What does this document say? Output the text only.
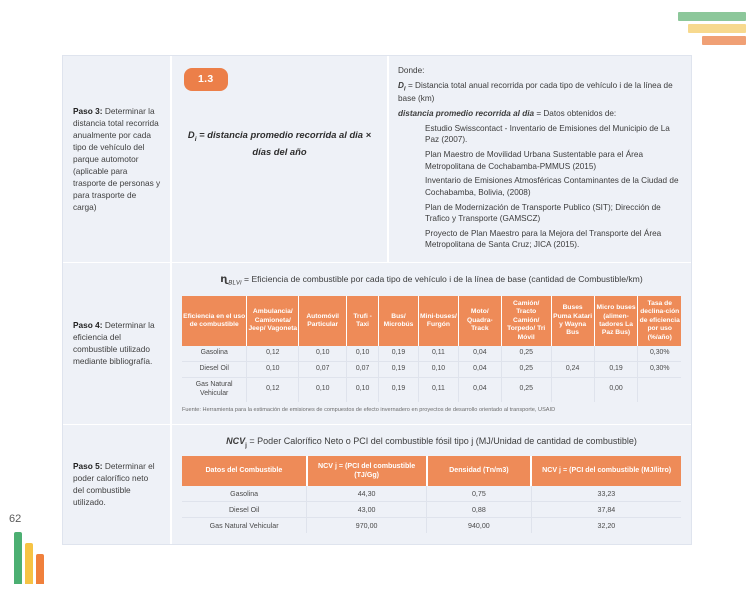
62
Paso 3: Determinar la distancia total recorrida anualmente por cada tipo de vehículo del parque automotor (aplicable para trasporte de personas y para trasporte de carga)
1.3
$D_i$ = distancia promedio recorrida al dia × días del año

Donde:

$D_i$ = Distancia total anual recorrida por cada tipo de vehículo i de la línea de base (km)

distancia promedio recorrida al dia = Datos obtenidos de:

Estudio Swisscontact - Inventario de Emisiones del Municipio de La Paz (2007).

Plan Maestro de Movilidad Urbana Sustentable para el Área Metropolitana de Cochabamba-PMMUS (2015)

Inventario de Emisiones Atmosféricas Contaminantes de la Ciudad de Cochabamba, Bolivia, (2008)

Plan de Modernización de Transporte Publico (SIT); Dirección de Trafico y Transporte (GAMSCZ)

Proyecto de Plan Maestro para la Mejora del Transporte del Área Metropolitana de Santa Cruz; JICA (2015).

Paso 4: Determinar la eficiencia del combustible utilizado mediante bibliografía.
ɳ$_{BLVi}$ = Eficiencia de combustible por cada tipo de vehículo i de la línea de base (cantidad de Combustible/km)
Eficiencia en el uso de combustible	Ambulancia/ Camioneta/ Jeep/ Vagoneta	Automóvil Particular	Trufi - Taxi	Bus/ Microbús	Mini-buses/ Furgón	Moto/ Quadra-Track	Camión/ Tracto Camión/ Torpedo/ Tri Móvil	Buses Puma Katari y Wayna Bus	Micro buses (alimen-tadores La Paz Bus)	Tasa de declina-ción de eficiencia por uso (%/año)
Gasolina	0,12	0,10	0,10	0,19	0,11	0,04	0,25			0,30%
Diesel Oil	0,10	0,07	0,07	0,19	0,10	0,04	0,25	0,24	0,19	0,30%
Gas Natural Vehicular	0,12	0,10	0,10	0,19	0,11	0,04	0,25		0,00	
Fuente: Herramienta para la estimación de emisiones de compuestos de efecto invernadero en proyectos de desarrollo orientado al transporte, USAID
Paso 5: Determinar el poder calorífico neto del combustible utilizado.
$NCV_j$ = Poder Calorífico Neto o PCI del combustible fósil tipo j (MJ/Unidad de cantidad de combustible)
Datos del Combustible	NCV j = (PCI del combustible (TJ/Gg)	Densidad (Tn/m3)	NCV j = (PCI del combustible (MJ/litro)
Gasolina	44,30	0,75	33,23
Diesel Oil	43,00	0,88	37,84
Gas Natural Vehicular	970,00	940,00	32,20
